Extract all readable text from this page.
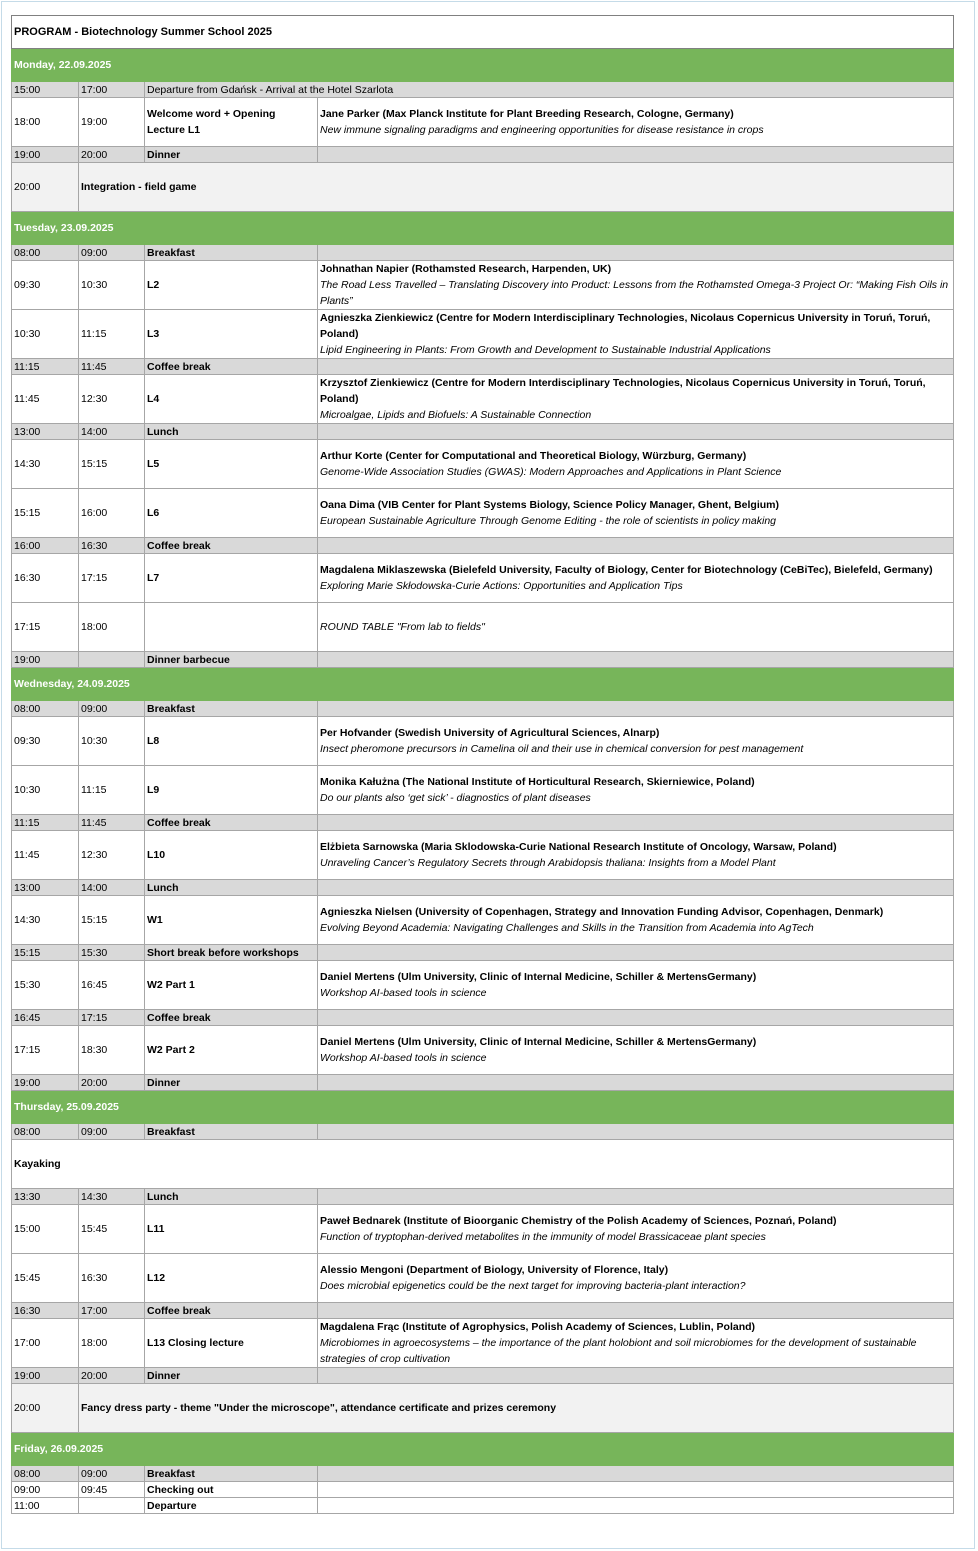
PROGRAM - Biotechnology Summer School 2025			
Monday, 22.09.2025			
15:00	17:00	Departure from Gdańsk - Arrival at the Hotel Szarlota	
18:00	19:00	Welcome word + Opening Lecture L1	Jane Parker (Max Planck Institute for Plant Breeding Research, Cologne, Germany)
New immune signaling paradigms and engineering opportunities for disease resistance in crops

19:00	20:00	Dinner	
20:00	Integration - field game		
Tuesday, 23.09.2025			
08:00	09:00	Breakfast	
09:30	10:30	L2	Johnathan Napier (Rothamsted Research, Harpenden, UK)
The Road Less Travelled – Translating Discovery into Product: Lessons from the Rothamsted Omega-3 Project Or: “Making Fish Oils in Plants”

10:30	11:15	L3	Agnieszka Zienkiewicz (Centre for Modern Interdisciplinary Technologies, Nicolaus Copernicus University in Toruń, Toruń, Poland)
Lipid Engineering in Plants: From Growth and Development to Sustainable Industrial Applications

11:15	11:45	Coffee break	
11:45	12:30	L4	Krzysztof Zienkiewicz (Centre for Modern Interdisciplinary Technologies, Nicolaus Copernicus University in Toruń, Toruń, Poland)
Microalgae, Lipids and Biofuels: A Sustainable Connection

13:00	14:00	Lunch	
14:30	15:15	L5	Arthur Korte (Center for Computational and Theoretical Biology, Würzburg, Germany)
Genome-Wide Association Studies (GWAS): Modern Approaches and Applications in Plant Science

15:15	16:00	L6	Oana Dima (VIB Center for Plant Systems Biology, Science Policy Manager, Ghent, Belgium)
European Sustainable Agriculture Through Genome Editing - the role of scientists in policy making

16:00	16:30	Coffee break	
16:30	17:15	L7	Magdalena Miklaszewska (Bielefeld University, Faculty of Biology, Center for Biotechnology (CeBiTec), Bielefeld, Germany)
Exploring Marie Skłodowska-Curie Actions: Opportunities and Application Tips

17:15	18:00		ROUND TABLE "From lab to fields"

19:00		Dinner barbecue	
Wednesday, 24.09.2025			
08:00	09:00	Breakfast	
09:30	10:30	L8	Per Hofvander (Swedish University of Agricultural Sciences, Alnarp)
Insect pheromone precursors in Camelina oil and their use in chemical conversion for pest management

10:30	11:15	L9	Monika Kałużna (The National Institute of Horticultural Research, Skierniewice, Poland)
Do our plants also ‘get sick’ - diagnostics of plant diseases

11:15	11:45	Coffee break	
11:45	12:30	L10	Elżbieta Sarnowska (Maria Sklodowska-Curie National Research Institute of Oncology, Warsaw, Poland)
Unraveling Cancer’s Regulatory Secrets through Arabidopsis thaliana: Insights from a Model Plant

13:00	14:00	Lunch	
14:30	15:15	W1	Agnieszka Nielsen (University of Copenhagen, Strategy and Innovation Funding Advisor, Copenhagen, Denmark)
Evolving Beyond Academia: Navigating Challenges and Skills in the Transition from Academia into AgTech

15:15	15:30	Short break before workshops	
15:30	16:45	W2 Part 1	Daniel Mertens (Ulm University, Clinic of Internal Medicine, Schiller & MertensGermany)
Workshop AI-based tools in science

16:45	17:15	Coffee break	
17:15	18:30	W2 Part 2	Daniel Mertens (Ulm University, Clinic of Internal Medicine, Schiller & MertensGermany)
Workshop AI-based tools in science

19:00	20:00	Dinner	
Thursday, 25.09.2025			
08:00	09:00	Breakfast	
Kayaking			
13:30	14:30	Lunch	
15:00	15:45	L11	Paweł Bednarek (Institute of Bioorganic Chemistry of the Polish Academy of Sciences, Poznań, Poland)
Function of tryptophan-derived metabolites in the immunity of model Brassicaceae plant species

15:45	16:30	L12	Alessio Mengoni (Department of Biology, University of Florence, Italy)
Does microbial epigenetics could be the next target for improving bacteria-plant interaction?

16:30	17:00	Coffee break	
17:00	18:00	L13 Closing lecture	Magdalena Frąc (Institute of Agrophysics, Polish Academy of Sciences, Lublin, Poland)
Microbiomes in agroecosystems – the importance of the plant holobiont and soil microbiomes for the development of sustainable strategies of crop cultivation

19:00	20:00	Dinner	
20:00	Fancy dress party - theme "Under the microscope", attendance certificate and prizes ceremony		
Friday, 26.09.2025			
08:00	09:00	Breakfast	
09:00	09:45	Checking out	
11:00		Departure	
